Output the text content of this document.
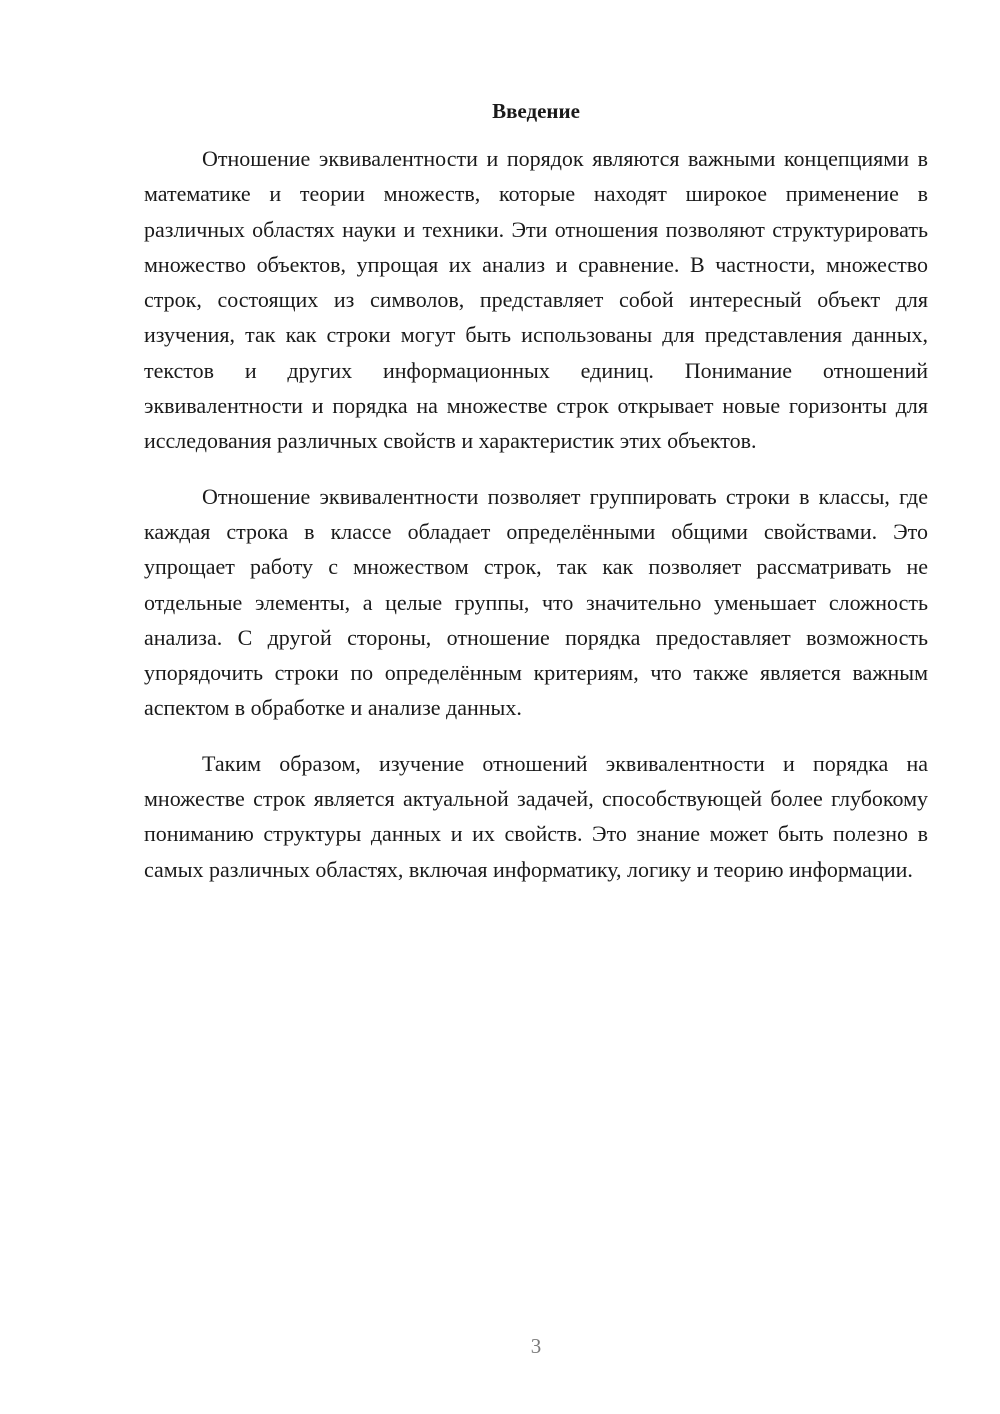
Введение

Отношение эквивалентности и порядок являются важными концепциями в математике и теории множеств, которые находят широкое применение в различных областях науки и техники. Эти отношения позволяют структурировать множество объектов, упрощая их анализ и сравнение. В частности, множество строк, состоящих из символов, представляет собой интересный объект для изучения, так как строки могут быть использованы для представления данных, текстов и других информационных единиц. Понимание отношений эквивалентности и порядка на множестве строк открывает новые горизонты для исследования различных свойств и характеристик этих объектов.

Отношение эквивалентности позволяет группировать строки в классы, где каждая строка в классе обладает определёнными общими свойствами. Это упрощает работу с множеством строк, так как позволяет рассматривать не отдельные элементы, а целые группы, что значительно уменьшает сложность анализа. С другой стороны, отношение порядка предоставляет возможность упорядочить строки по определённым критериям, что также является важным аспектом в обработке и анализе данных.

Таким образом, изучение отношений эквивалентности и порядка на множестве строк является актуальной задачей, способствующей более глубокому пониманию структуры данных и их свойств. Это знание может быть полезно в самых различных областях, включая информатику, логику и теорию информации.

3
